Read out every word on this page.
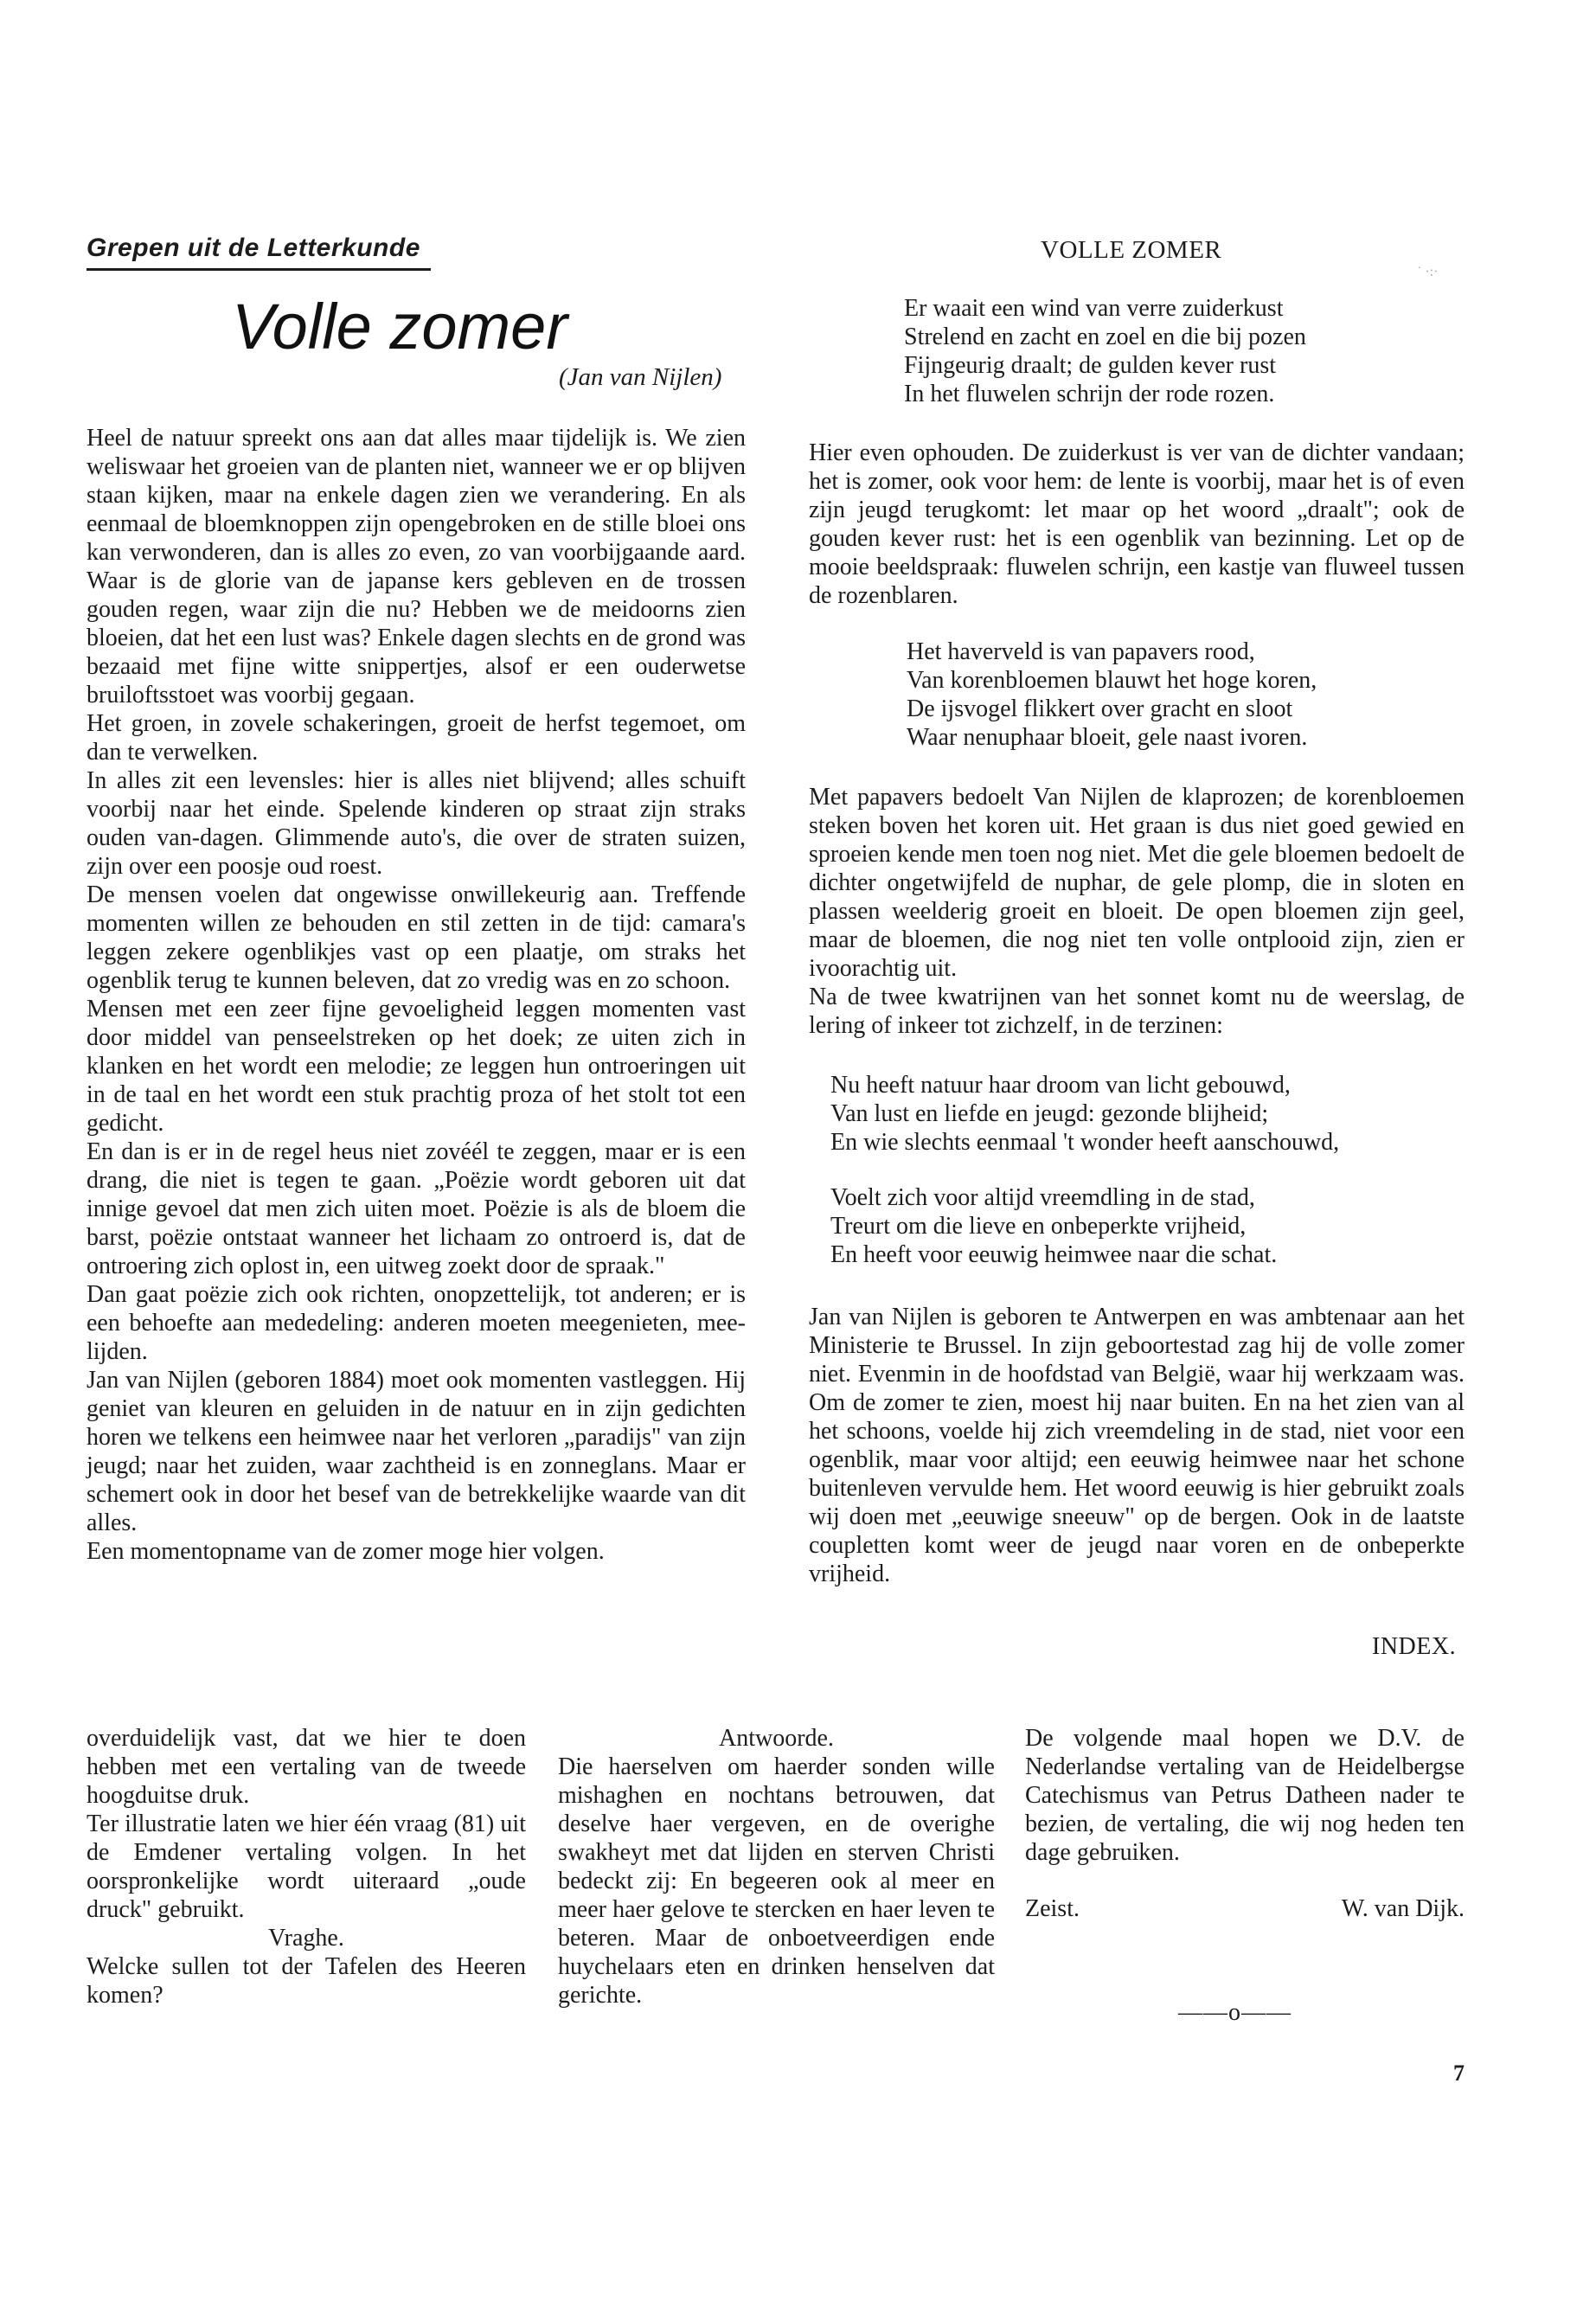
Grepen uit de Letterkunde
Volle zomer
(Jan van Nijlen)

Heel de natuur spreekt ons aan dat alles maar tijdelijk is. We zien weliswaar het groeien van de planten niet, wanneer we er op blijven staan kijken, maar na enkele dagen zien we verandering. En als eenmaal de bloemknoppen zijn opengebroken en de stille bloei ons kan verwonderen, dan is alles zo even, zo van voorbijgaande aard. Waar is de glorie van de japanse kers gebleven en de trossen gouden regen, waar zijn die nu? Hebben we de meidoorns zien bloeien, dat het een lust was? Enkele dagen slechts en de grond was bezaaid met fijne witte snippertjes, alsof er een ouderwetse bruiloftsstoet was voorbij gegaan.

Het groen, in zovele schakeringen, groeit de herfst tegemoet, om dan te verwelken.

In alles zit een levensles: hier is alles niet blijvend; alles schuift voorbij naar het einde. Spelende kinderen op straat zijn straks ouden van-dagen. Glimmende auto's, die over de straten suizen, zijn over een poosje oud roest.

De mensen voelen dat ongewisse onwillekeurig aan. Treffende momenten willen ze behouden en stil zetten in de tijd: camara's leggen zekere ogenblikjes vast op een plaatje, om straks het ogenblik terug te kunnen beleven, dat zo vredig was en zo schoon.

Mensen met een zeer fijne gevoeligheid leggen momenten vast door middel van penseelstreken op het doek; ze uiten zich in klanken en het wordt een melodie; ze leggen hun ontroeringen uit in de taal en het wordt een stuk prachtig proza of het stolt tot een gedicht.

En dan is er in de regel heus niet zovéél te zeggen, maar er is een drang, die niet is tegen te gaan. „Poëzie wordt geboren uit dat innige gevoel dat men zich uiten moet. Poëzie is als de bloem die barst, poëzie ontstaat wanneer het lichaam zo ontroerd is, dat de ontroering zich oplost in, een uitweg zoekt door de spraak."

Dan gaat poëzie zich ook richten, onopzettelijk, tot anderen; er is een behoefte aan mededeling: anderen moeten meegenieten, mee-lijden.

Jan van Nijlen (geboren 1884) moet ook momenten vastleggen. Hij geniet van kleuren en geluiden in de natuur en in zijn gedichten horen we telkens een heimwee naar het verloren „paradijs" van zijn jeugd; naar het zuiden, waar zachtheid is en zonneglans. Maar er schemert ook in door het besef van de betrekkelijke waarde van dit alles.

Een momentopname van de zomer moge hier volgen.

VOLLE ZOMER
˙ ·:·
Er waait een wind van verre zuiderkust
Strelend en zacht en zoel en die bij pozen
Fijngeurig draalt; de gulden kever rust
In het fluwelen schrijn der rode rozen.

Hier even ophouden. De zuiderkust is ver van de dichter vandaan; het is zomer, ook voor hem: de lente is voorbij, maar het is of even zijn jeugd terugkomt: let maar op het woord „draalt"; ook de gouden kever rust: het is een ogenblik van bezinning. Let op de mooie beeldspraak: fluwelen schrijn, een kastje van fluweel tussen de rozenblaren.

Het haverveld is van papavers rood,
Van korenbloemen blauwt het hoge koren,
De ijsvogel flikkert over gracht en sloot
Waar nenuphaar bloeit, gele naast ivoren.

Met papavers bedoelt Van Nijlen de klaprozen; de korenbloemen steken boven het koren uit. Het graan is dus niet goed gewied en sproeien kende men toen nog niet. Met die gele bloemen bedoelt de dichter ongetwijfeld de nuphar, de gele plomp, die in sloten en plassen weelderig groeit en bloeit. De open bloemen zijn geel, maar de bloemen, die nog niet ten volle ontplooid zijn, zien er ivoorachtig uit.

Na de twee kwatrijnen van het sonnet komt nu de weerslag, de lering of inkeer tot zichzelf, in de terzinen:

Nu heeft natuur haar droom van licht gebouwd,
Van lust en liefde en jeugd: gezonde blijheid;
En wie slechts eenmaal 't wonder heeft aanschouwd,
Voelt zich voor altijd vreemdling in de stad,
Treurt om die lieve en onbeperkte vrijheid,
En heeft voor eeuwig heimwee naar die schat.

Jan van Nijlen is geboren te Antwerpen en was ambtenaar aan het Ministerie te Brussel. In zijn geboortestad zag hij de volle zomer niet. Evenmin in de hoofdstad van België, waar hij werkzaam was. Om de zomer te zien, moest hij naar buiten. En na het zien van al het schoons, voelde hij zich vreemdeling in de stad, niet voor een ogenblik, maar voor altijd; een eeuwig heimwee naar het schone buitenleven vervulde hem. Het woord eeuwig is hier gebruikt zoals wij doen met „eeuwige sneeuw" op de bergen. Ook in de laatste coupletten komt weer de jeugd naar voren en de onbeperkte vrijheid.

INDEX.
overduidelijk vast, dat we hier te doen hebben met een vertaling van de tweede hoogduitse druk.
Ter illustratie laten we hier één vraag (81) uit de Emdener vertaling volgen. In het oorspronkelijke wordt uiteraard „oude druck" gebruikt.
Vraghe.
Welcke sullen tot der Tafelen des Heeren komen?
Antwoorde.
Die haerselven om haerder sonden wille mishaghen en nochtans betrouwen, dat deselve haer vergeven, en de overighe swakheyt met dat lijden en sterven Christi bedeckt zij: En begeeren ook al meer en meer haer gelove te stercken en haer leven te beteren. Maar de onboetveerdigen ende huychelaars eten en drinken henselven dat gerichte.
De volgende maal hopen we D.V. de Nederlandse vertaling van de Heidelbergse Catechismus van Petrus Datheen nader te bezien, de vertaling, die wij nog heden ten dage gebruiken.
Zeist.	W. van Dijk.
——o——
7
